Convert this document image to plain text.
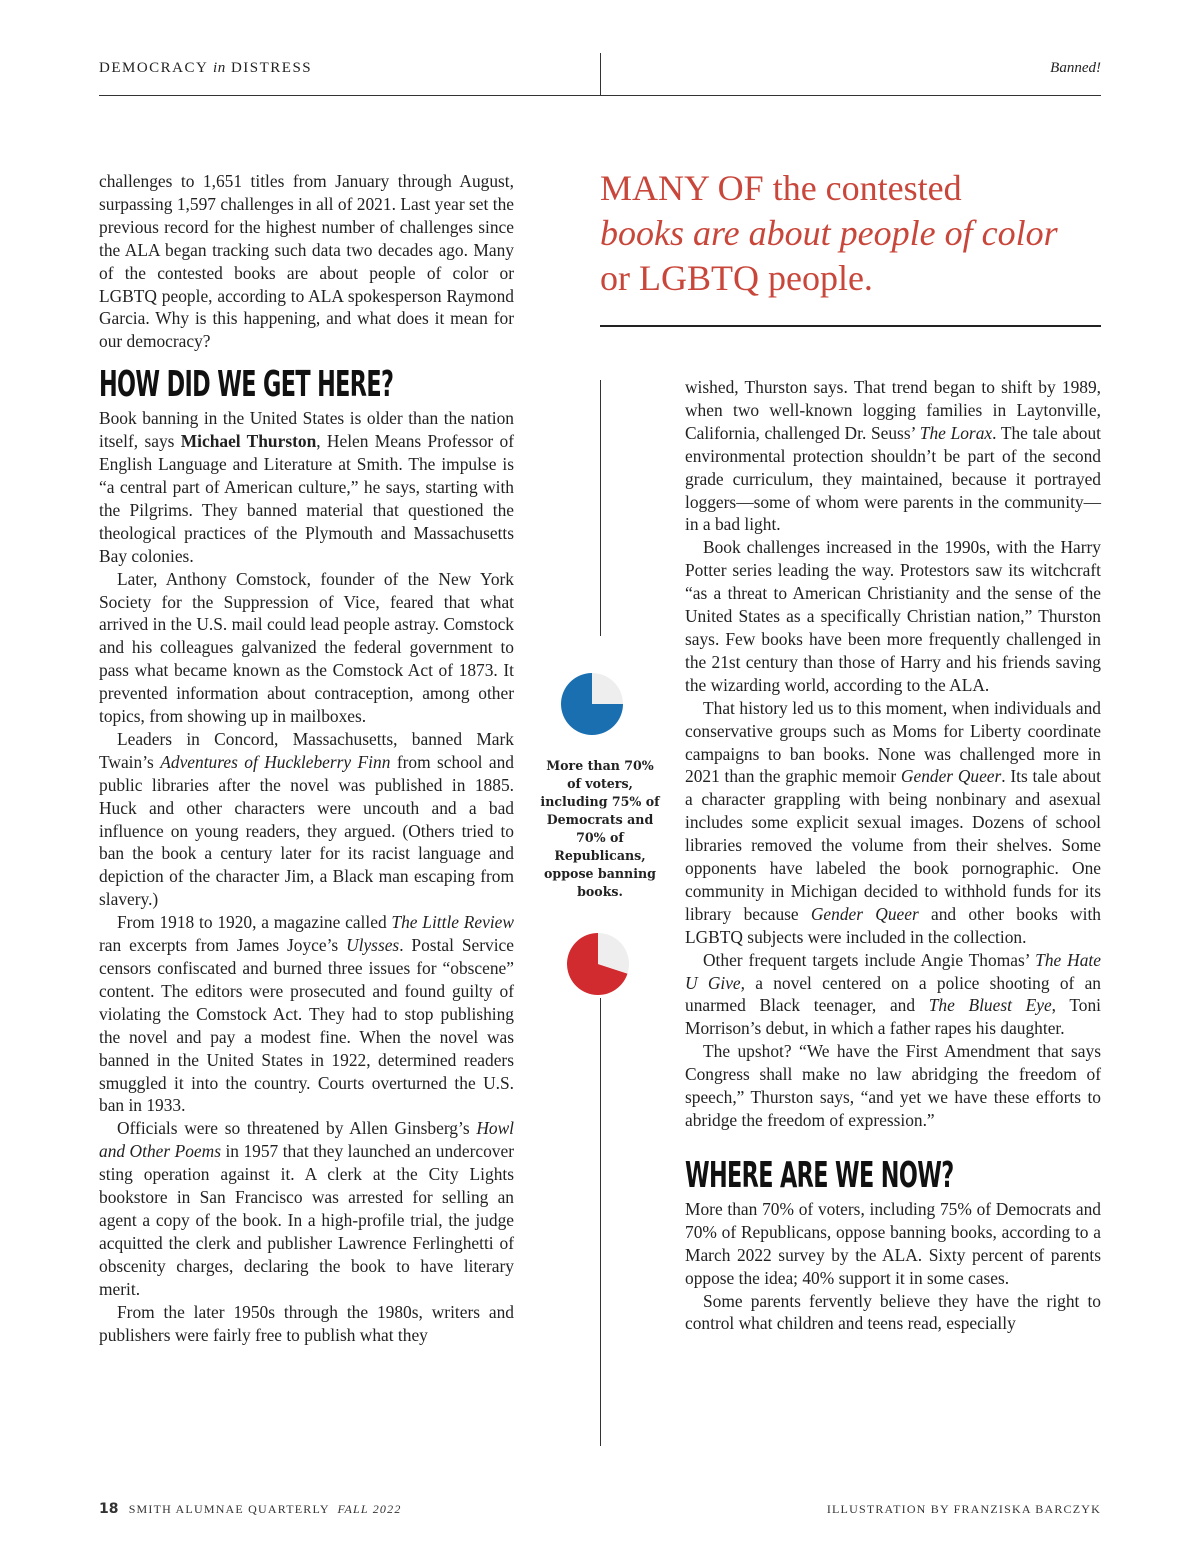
DEMOCRACY in DISTRESS	Banned!
MANY OF the contested
books are about people of color
or LGBTQ people.

challenges to 1,651 titles from January through August, surpassing 1,597 challenges in all of 2021. Last year set the previous record for the highest number of challenges since the ALA began tracking such data two decades ago. Many of the contested books are about people of color or LGBTQ people, according to ALA spokesperson Raymond Garcia. Why is this happening, and what does it mean for our democracy?

HOW DID WE GET HERE?

Book banning in the United States is older than the nation itself, says Michael Thurston, Helen Means Professor of English Language and Literature at Smith. The impulse is “a central part of American culture,” he says, starting with the Pilgrims. They banned material that questioned the theological practices of the Plymouth and Massachusetts Bay colonies.

Later, Anthony Comstock, founder of the New York Society for the Suppression of Vice, feared that what arrived in the U.S. mail could lead people astray. Comstock and his colleagues galvanized the federal government to pass what became known as the Comstock Act of 1873. It prevented information about contraception, among other topics, from showing up in mailboxes.

Leaders in Concord, Massachusetts, banned Mark Twain’s Adventures of Huckleberry Finn from school and public libraries after the novel was published in 1885. Huck and other characters were uncouth and a bad influence on young readers, they argued. (Others tried to ban the book a century later for its racist language and depiction of the character Jim, a Black man escaping from slavery.)

From 1918 to 1920, a magazine called The Little Review ran excerpts from James Joyce’s Ulysses. Postal Service censors confiscated and burned three issues for “obscene” content. The editors were prosecuted and found guilty of violating the Comstock Act. They had to stop publishing the novel and pay a modest fine. When the novel was banned in the United States in 1922, determined readers smuggled it into the country. Courts overturned the U.S. ban in 1933.

Officials were so threatened by Allen Ginsberg’s Howl and Other Poems in 1957 that they launched an undercover sting operation against it. A clerk at the City Lights bookstore in San Francisco was arrested for selling an agent a copy of the book. In a high-profile trial, the judge acquitted the clerk and publisher Lawrence Ferlinghetti of obscenity charges, declaring the book to have literary merit.

From the later 1950s through the 1980s, writers and publishers were fairly free to publish what they

More than 70% of voters, including 75% of Democrats and 70% of Republicans, oppose banning books.

wished, Thurston says. That trend began to shift by 1989, when two well-known logging families in Laytonville, California, challenged Dr. Seuss’ The Lorax. The tale about environmental protection shouldn’t be part of the second grade curriculum, they maintained, because it portrayed loggers—some of whom were parents in the community—in a bad light.

Book challenges increased in the 1990s, with the Harry Potter series leading the way. Protestors saw its witchcraft “as a threat to American Christianity and the sense of the United States as a specifically Christian nation,” Thurston says. Few books have been more frequently challenged in the 21st century than those of Harry and his friends saving the wizarding world, according to the ALA.

That history led us to this moment, when individuals and conservative groups such as Moms for Liberty coordinate campaigns to ban books. None was challenged more in 2021 than the graphic memoir Gender Queer. Its tale about a character grappling with being nonbinary and asexual includes some explicit sexual images. Dozens of school libraries removed the volume from their shelves. Some opponents have labeled the book pornographic. One community in Michigan decided to withhold funds for its library because Gender Queer and other books with LGBTQ subjects were included in the collection.

Other frequent targets include Angie Thomas’ The Hate U Give, a novel centered on a police shooting of an unarmed Black teenager, and The Bluest Eye, Toni Morrison’s debut, in which a father rapes his daughter.

The upshot? “We have the First Amendment that says Congress shall make no law abridging the freedom of speech,” Thurston says, “and yet we have these efforts to abridge the freedom of expression.”

WHERE ARE WE NOW?

More than 70% of voters, including 75% of Democrats and 70% of Republicans, oppose banning books, according to a March 2022 survey by the ALA. Sixty percent of parents oppose the idea; 40% support it in some cases.

Some parents fervently believe they have the right to control what children and teens read, especially

18 SMITH ALUMNAE QUARTERLY FALL 2022	ILLUSTRATION BY FRANZISKA BARCZYK
